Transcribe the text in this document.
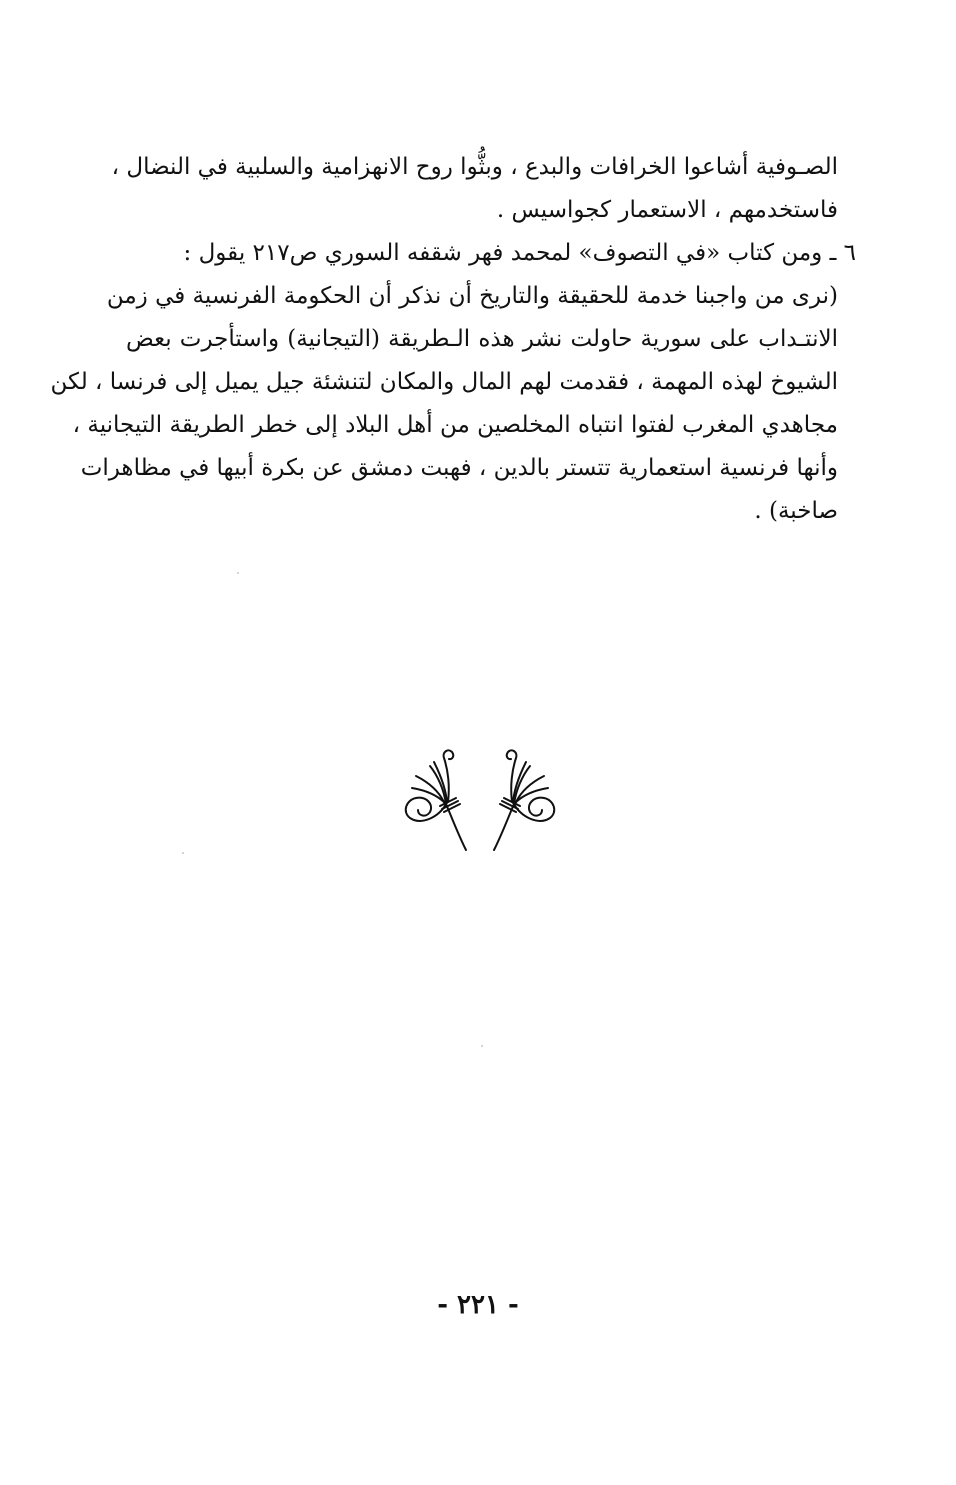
الصـوفية أشاعوا الخرافات والبدع ، وبثُّوا روح الانهزامية والسلبية في النضال ،
فاستخدمهم ، الاستعمار كجواسيس .
٦ ـ ومن كتاب «في التصوف» لمحمد فهر شقفه السوري ص٢١٧ يقول :
(نرى من واجبنا خدمة للحقيقة والتاريخ أن نذكر أن الحكومة الفرنسية في زمن
الانتـداب على سورية حاولت نشر هذه الـطريقة (التيجانية) واستأجرت بعض
الشيوخ لهذه المهمة ، فقدمت لهم المال والمكان لتنشئة جيل يميل إلى فرنسا ، لكن
مجاهدي المغرب لفتوا انتباه المخلصين من أهل البلاد إلى خطر الطريقة التيجانية ،
وأنها فرنسية استعمارية تتستر بالدين ، فهبت دمشق عن بكرة أبيها في مظاهرات
صاخبة) .
- ٢٢١ -
